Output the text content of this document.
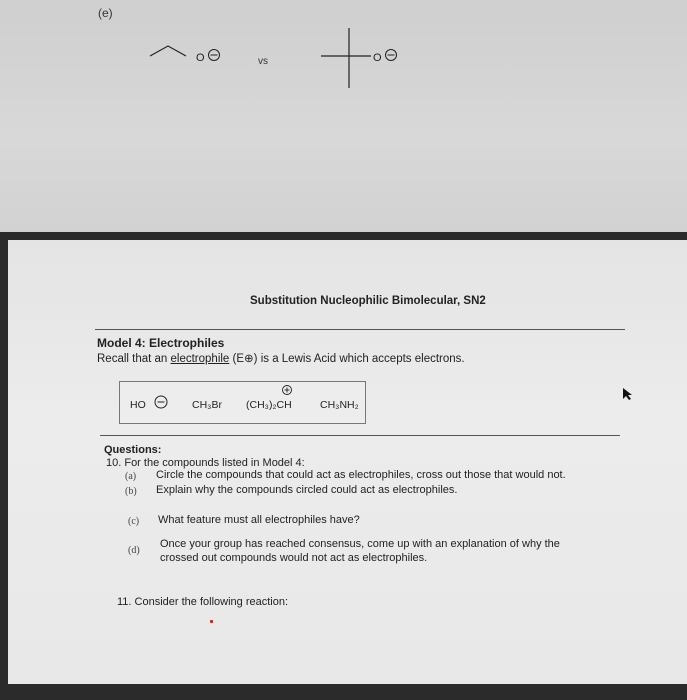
(e)
O	vs	O
Substitution Nucleophilic Bimolecular, SN2
Model 4: Electrophiles
Recall that an electrophile (E⊕) is a Lewis Acid which accepts electrons.
HO	CH₃Br (CH₃)₂CH	CH₃NH₂
Questions:
10. For the compounds listed in Model 4:
(a) Circle the compounds that could act as electrophiles, cross out those that would not.
(b) Explain why the compounds circled could act as electrophiles.
(c) What feature must all electrophiles have?
(d)
Once your group has reached consensus, come up with an explanation of why the
crossed out compounds would not act as electrophiles.
11. Consider the following reaction:
